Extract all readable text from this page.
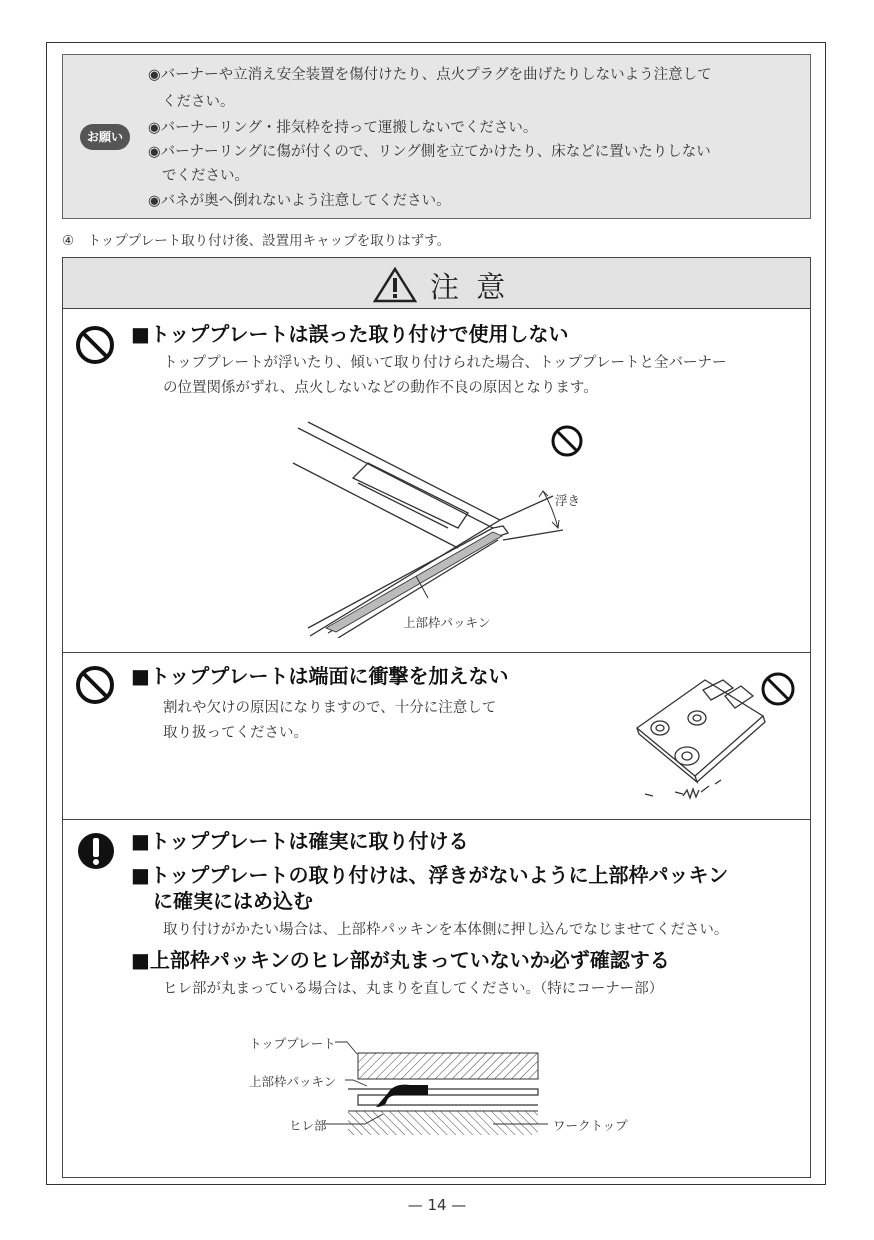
お願い
◉バーナーや立消え安全装置を傷付けたり、点火プラグを曲げたりしないよう注意して
ください。
◉バーナーリング・排気枠を持って運搬しないでください。
◉バーナーリングに傷が付くので、リング側を立てかけたり、床などに置いたりしない
でください。
◉バネが奥へ倒れないよう注意してください。
④　トッププレート取り付け後、設置用キャップを取りはずす。
注 意
■トッププレートは誤った取り付けで使用しない
トッププレートが浮いたり、傾いて取り付けられた場合、トッププレートと全バーナー
の位置関係がずれ、点火しないなどの動作不良の原因となります。
浮き
上部枠パッキン
■トッププレートは端面に衝撃を加えない
割れや欠けの原因になりますので、十分に注意して
取り扱ってください。
■トッププレートは確実に取り付ける
■トッププレートの取り付けは、浮きがないように上部枠パッキン
に確実にはめ込む
取り付けがかたい場合は、上部枠パッキンを本体側に押し込んでなじませてください。
■上部枠パッキンのヒレ部が丸まっていないか必ず確認する
ヒレ部が丸まっている場合は、丸まりを直してください。（特にコーナー部）
トッププレート
上部枠パッキン
ヒレ部	ワークトップ
— 14 —
